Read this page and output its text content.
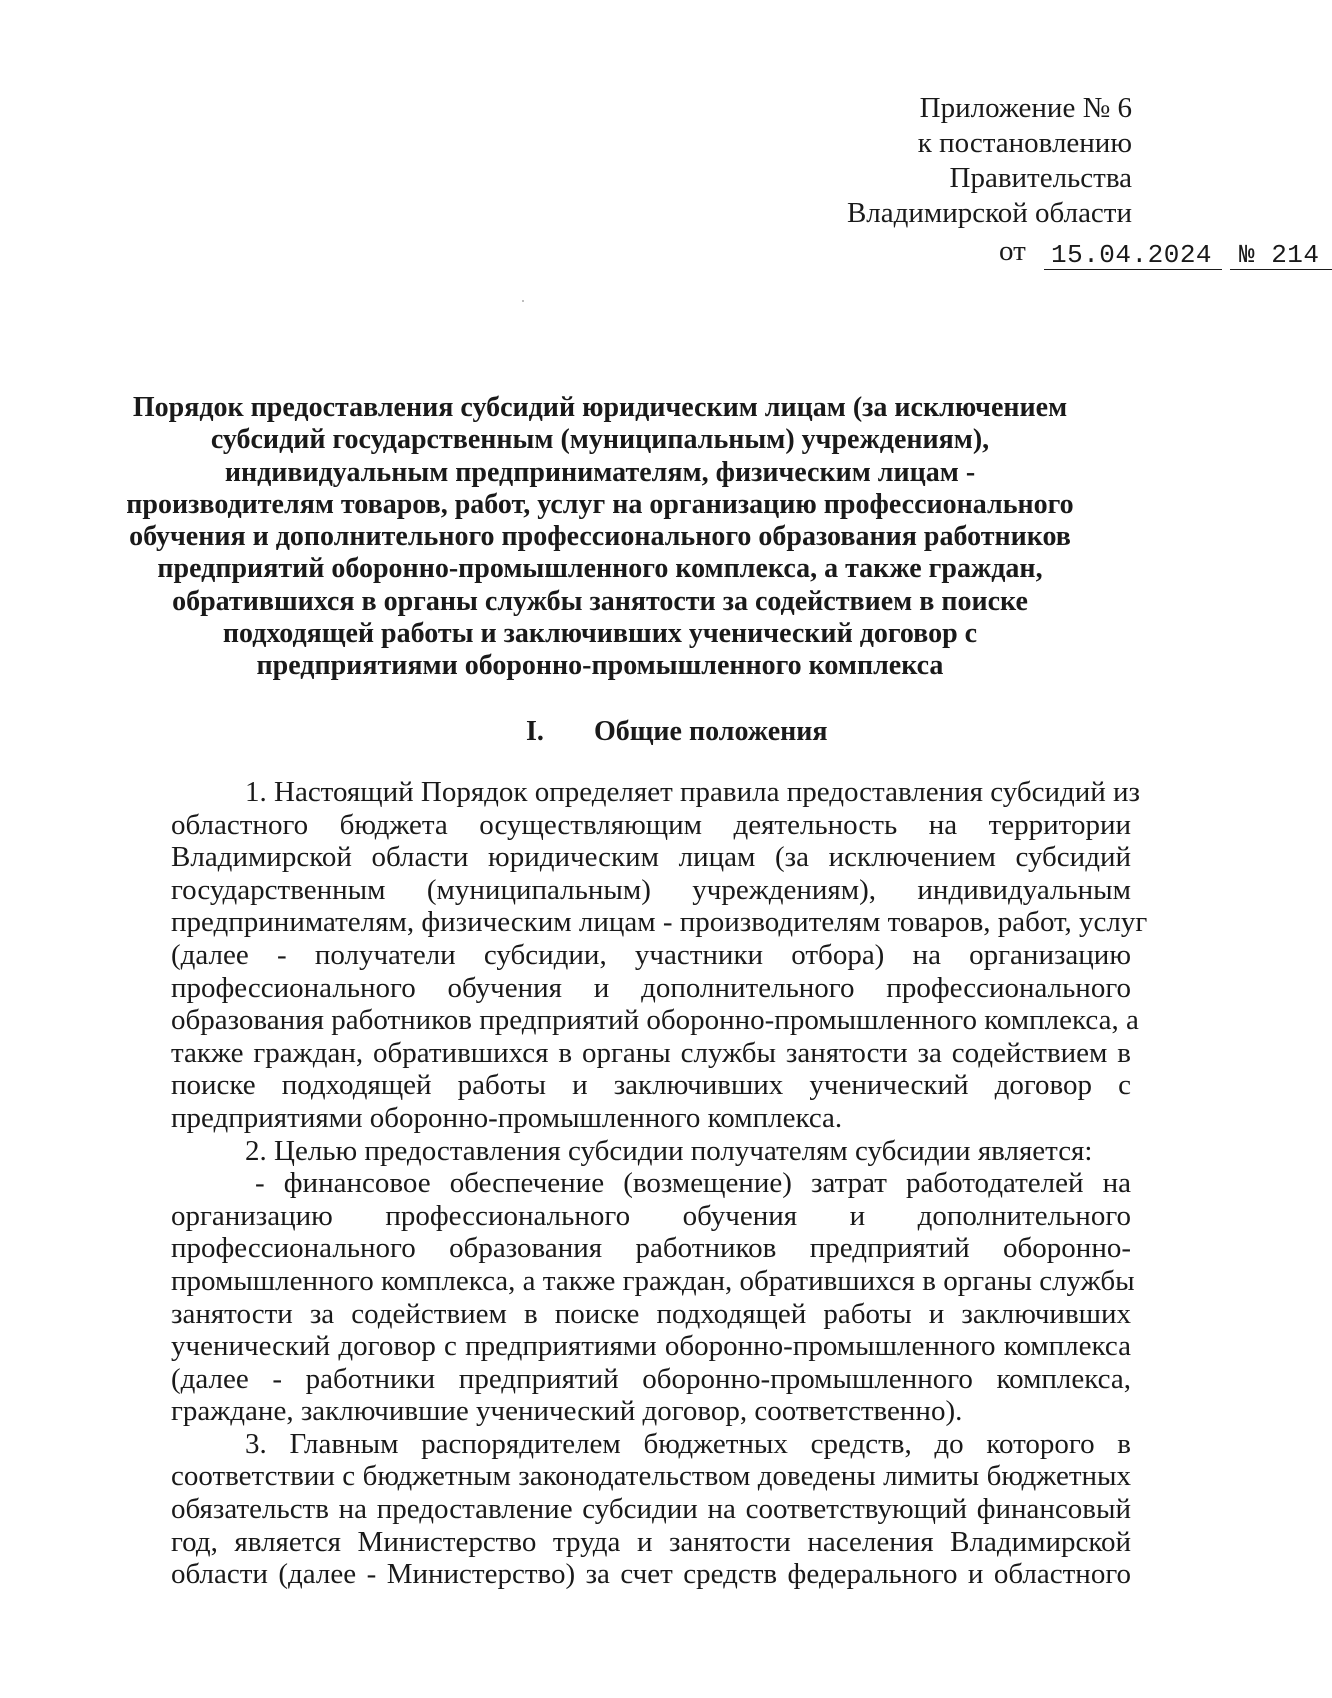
Приложение № 6
к постановлению
Правительства
Владимирской области
от 15.04.2024 № 214
Порядок предоставления субсидий юридическим лицам (за исключением
субсидий государственным (муниципальным) учреждениям),
индивидуальным предпринимателям, физическим лицам -
производителям товаров, работ, услуг на организацию профессионального
обучения и дополнительного профессионального образования работников
предприятий оборонно-промышленного комплекса, а также граждан,
обратившихся в органы службы занятости за содействием в поиске
подходящей работы и заключивших ученический договор с
предприятиями оборонно-промышленного комплекса
I. Общие положения
1. Настоящий Порядок определяет правила предоставления субсидий из
областного бюджета осуществляющим деятельность на территории
Владимирской области юридическим лицам (за исключением субсидий
государственным (муниципальным) учреждениям), индивидуальным
предпринимателям, физическим лицам - производителям товаров, работ, услуг
(далее - получатели субсидии, участники отбора) на организацию
профессионального обучения и дополнительного профессионального
образования работников предприятий оборонно-промышленного комплекса, а
также граждан, обратившихся в органы службы занятости за содействием в
поиске подходящей работы и заключивших ученический договор с
предприятиями оборонно-промышленного комплекса.
2. Целью предоставления субсидии получателям субсидии является:
- финансовое обеспечение (возмещение) затрат работодателей на
организацию профессионального обучения и дополнительного
профессионального образования работников предприятий оборонно-
промышленного комплекса, а также граждан, обратившихся в органы службы
занятости за содействием в поиске подходящей работы и заключивших
ученический договор с предприятиями оборонно-промышленного комплекса
(далее - работники предприятий оборонно-промышленного комплекса,
граждане, заключившие ученический договор, соответственно).
3. Главным распорядителем бюджетных средств, до которого в
соответствии с бюджетным законодательством доведены лимиты бюджетных
обязательств на предоставление субсидии на соответствующий финансовый
год, является Министерство труда и занятости населения Владимирской
области (далее - Министерство) за счет средств федерального и областного
